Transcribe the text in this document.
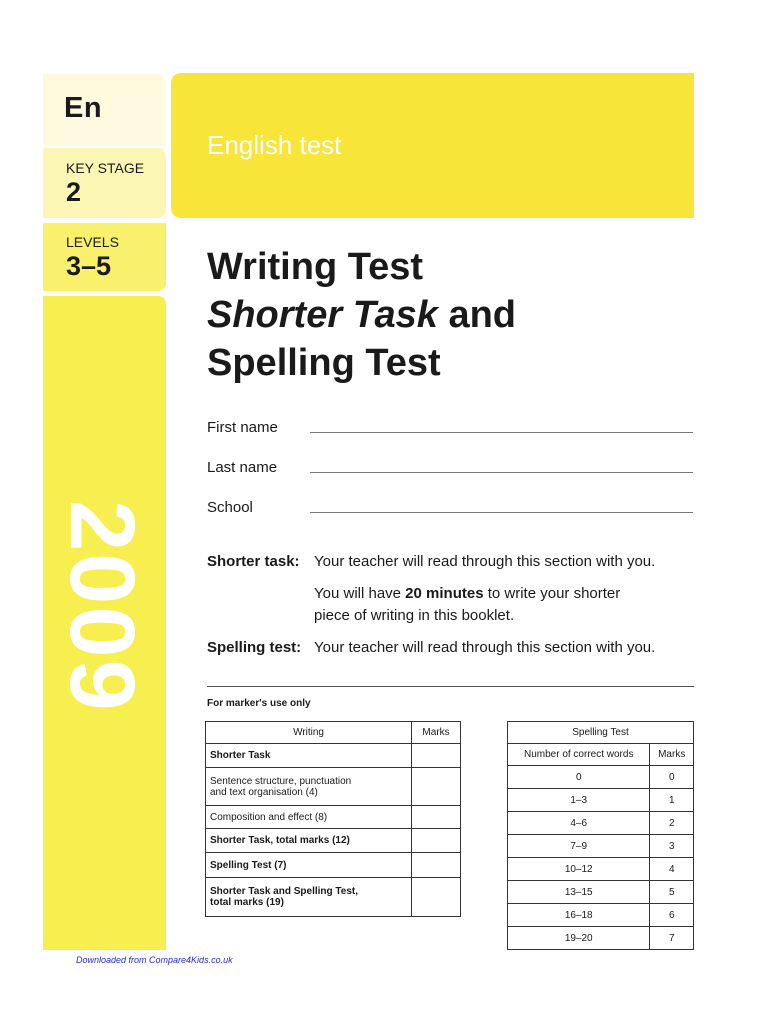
En
KEY STAGE
2
LEVELS
3–5
2009
English test
Writing Test
Shorter Task and
Spelling Test
First name
Last name
School
Shorter task: Your teacher will read through this section with you.
You will have 20 minutes to write your shorter
piece of writing in this booklet.
Spelling test: Your teacher will read through this section with you.
For marker's use only
Writing	Marks
Shorter Task	

Sentence structure, punctuation
and text organisation (4)	

Composition and effect (8)	
Shorter Task, total marks (12)	
Spelling Test (7)	

Shorter Task and Spelling Test,
total marks (19)	

Spelling Test	
Number of correct words	Marks
0	0
1–3	1
4–6	2
7–9	3
10–12	4
13–15	5
16–18	6
19–20	7
Downloaded from Compare4Kids.co.uk
